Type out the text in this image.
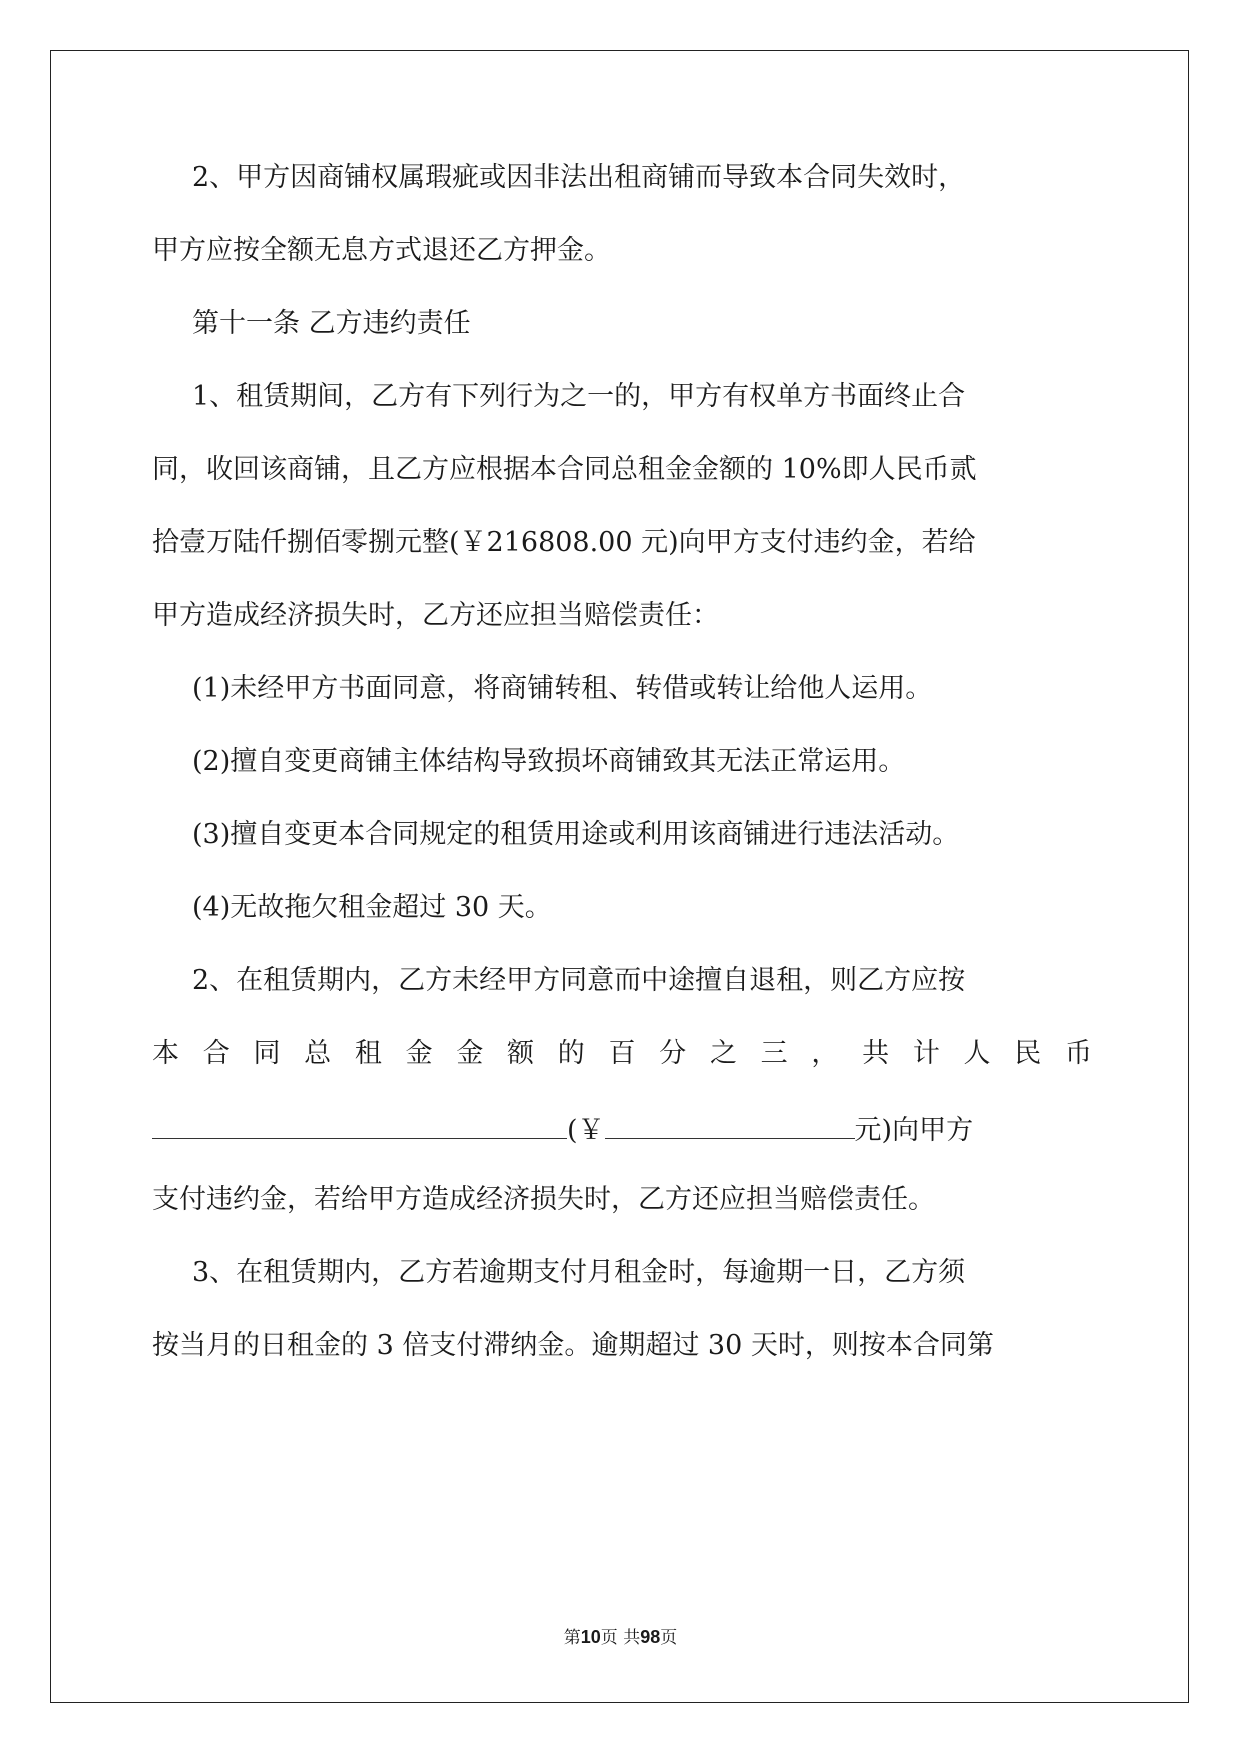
2、甲方因商铺权属瑕疵或因非法出租商铺而导致本合同失效时，
甲方应按全额无息方式退还乙方押金。
第十一条 乙方违约责任
1、租赁期间，乙方有下列行为之一的，甲方有权单方书面终止合
同，收回该商铺，且乙方应根据本合同总租金金额的 10%即人民币贰
拾壹万陆仟捌佰零捌元整(￥216808.00 元)向甲方支付违约金，若给
甲方造成经济损失时，乙方还应担当赔偿责任：
(1)未经甲方书面同意，将商铺转租、转借或转让给他人运用。
(2)擅自变更商铺主体结构导致损坏商铺致其无法正常运用。
(3)擅自变更本合同规定的租赁用途或利用该商铺进行违法活动。
(4)无故拖欠租金超过 30 天。
2、在租赁期内，乙方未经甲方同意而中途擅自退租，则乙方应按
本合同总租金金额的百分之三，共计人民币
(￥	元)向甲方
支付违约金，若给甲方造成经济损失时，乙方还应担当赔偿责任。
3、在租赁期内，乙方若逾期支付月租金时，每逾期一日，乙方须
按当月的日租金的 3 倍支付滞纳金。逾期超过 30 天时，则按本合同第
第10页 共98页
